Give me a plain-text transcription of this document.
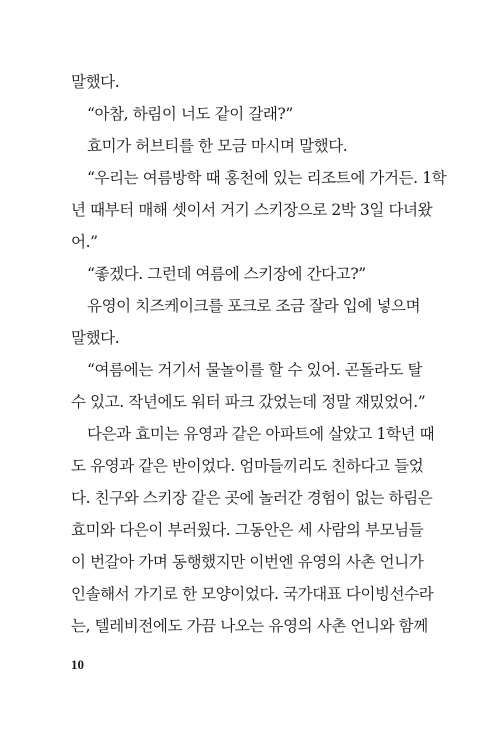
말했다.
“아참, 하림이 너도 같이 갈래?”
효미가 허브티를 한 모금 마시며 말했다.
“우리는 여름방학 때 홍천에 있는 리조트에 가거든. 1학
년 때부터 매해 셋이서 거기 스키장으로 2박 3일 다녀왔
어.”
“좋겠다. 그런데 여름에 스키장에 간다고?”
유영이 치즈케이크를 포크로 조금 잘라 입에 넣으며
말했다.
“여름에는 거기서 물놀이를 할 수 있어. 곤돌라도 탈
수 있고. 작년에도 워터 파크 갔었는데 정말 재밌었어.”
다은과 효미는 유영과 같은 아파트에 살았고 1학년 때
도 유영과 같은 반이었다. 엄마들끼리도 친하다고 들었
다. 친구와 스키장 같은 곳에 놀러간 경험이 없는 하림은
효미와 다은이 부러웠다. 그동안은 세 사람의 부모님들
이 번갈아 가며 동행했지만 이번엔 유영의 사촌 언니가
인솔해서 가기로 한 모양이었다. 국가대표 다이빙선수라
는, 텔레비전에도 가끔 나오는 유영의 사촌 언니와 함께
10
